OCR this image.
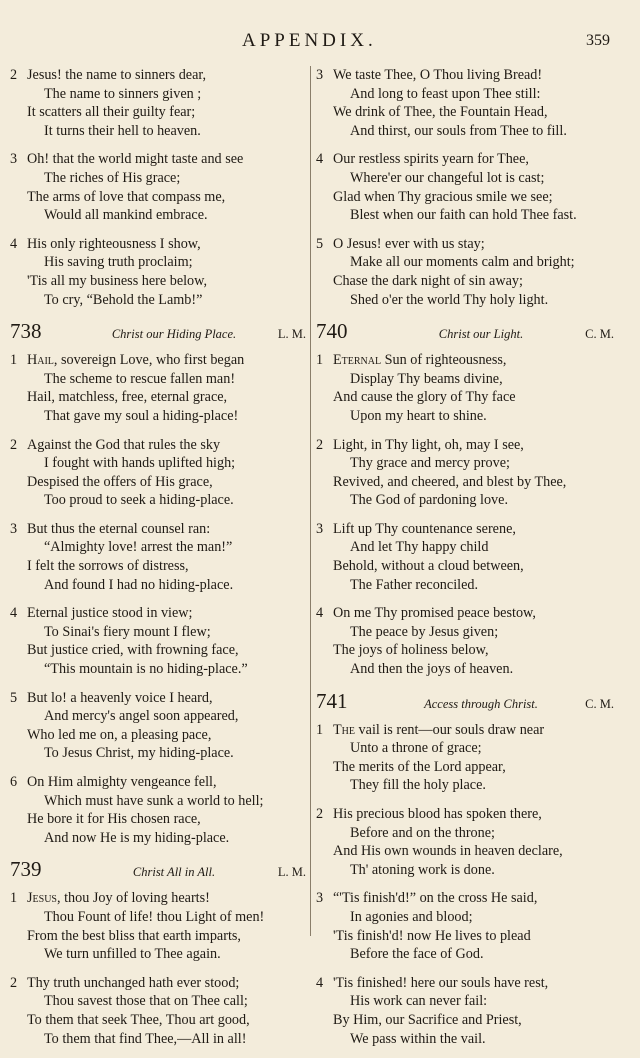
APPENDIX.	359
2 Jesus! the name to sinners dear,
The name to sinners given ;
It scatters all their guilty fear;
It turns their hell to heaven.
3 Oh! that the world might taste and see
The riches of His grace;
The arms of love that compass me,
Would all mankind embrace.
4 His only righteousness I show,
His saving truth proclaim;
'Tis all my business here below,
To cry, “Behold the Lamb!”
738	Christ our Hiding Place.	L. M.
1 Hail, sovereign Love, who first began
The scheme to rescue fallen man!
Hail, matchless, free, eternal grace,
That gave my soul a hiding-place!
2 Against the God that rules the sky
I fought with hands uplifted high;
Despised the offers of His grace,
Too proud to seek a hiding-place.
3 But thus the eternal counsel ran:
“Almighty love! arrest the man!”
I felt the sorrows of distress,
And found I had no hiding-place.
4 Eternal justice stood in view;
To Sinai's fiery mount I flew;
But justice cried, with frowning face,
“This mountain is no hiding-place.”
5 But lo! a heavenly voice I heard,
And mercy's angel soon appeared,
Who led me on, a pleasing pace,
To Jesus Christ, my hiding-place.
6 On Him almighty vengeance fell,
Which must have sunk a world to hell;
He bore it for His chosen race,
And now He is my hiding-place.
739	Christ All in All.	L. M.
1 Jesus, thou Joy of loving hearts!
Thou Fount of life! thou Light of men!
From the best bliss that earth imparts,
We turn unfilled to Thee again.
2 Thy truth unchanged hath ever stood;
Thou savest those that on Thee call;
To them that seek Thee, Thou art good,
To them that find Thee,—All in all!
3 We taste Thee, O Thou living Bread!
And long to feast upon Thee still:
We drink of Thee, the Fountain Head,
And thirst, our souls from Thee to fill.
4 Our restless spirits yearn for Thee,
Where'er our changeful lot is cast;
Glad when Thy gracious smile we see;
Blest when our faith can hold Thee fast.
5 O Jesus! ever with us stay;
Make all our moments calm and bright;
Chase the dark night of sin away;
Shed o'er the world Thy holy light.
740	Christ our Light.	C. M.
1 Eternal Sun of righteousness,
Display Thy beams divine,
And cause the glory of Thy face
Upon my heart to shine.
2 Light, in Thy light, oh, may I see,
Thy grace and mercy prove;
Revived, and cheered, and blest by Thee,
The God of pardoning love.
3 Lift up Thy countenance serene,
And let Thy happy child
Behold, without a cloud between,
The Father reconciled.
4 On me Thy promised peace bestow,
The peace by Jesus given;
The joys of holiness below,
And then the joys of heaven.
741	Access through Christ.	C. M.
1 The vail is rent—our souls draw near
Unto a throne of grace;
The merits of the Lord appear,
They fill the holy place.
2 His precious blood has spoken there,
Before and on the throne;
And His own wounds in heaven declare,
Th' atoning work is done.
3 “'Tis finish'd!” on the cross He said,
In agonies and blood;
'Tis finish'd! now He lives to plead
Before the face of God.
4 'Tis finished! here our souls have rest,
His work can never fail:
By Him, our Sacrifice and Priest,
We pass within the vail.
